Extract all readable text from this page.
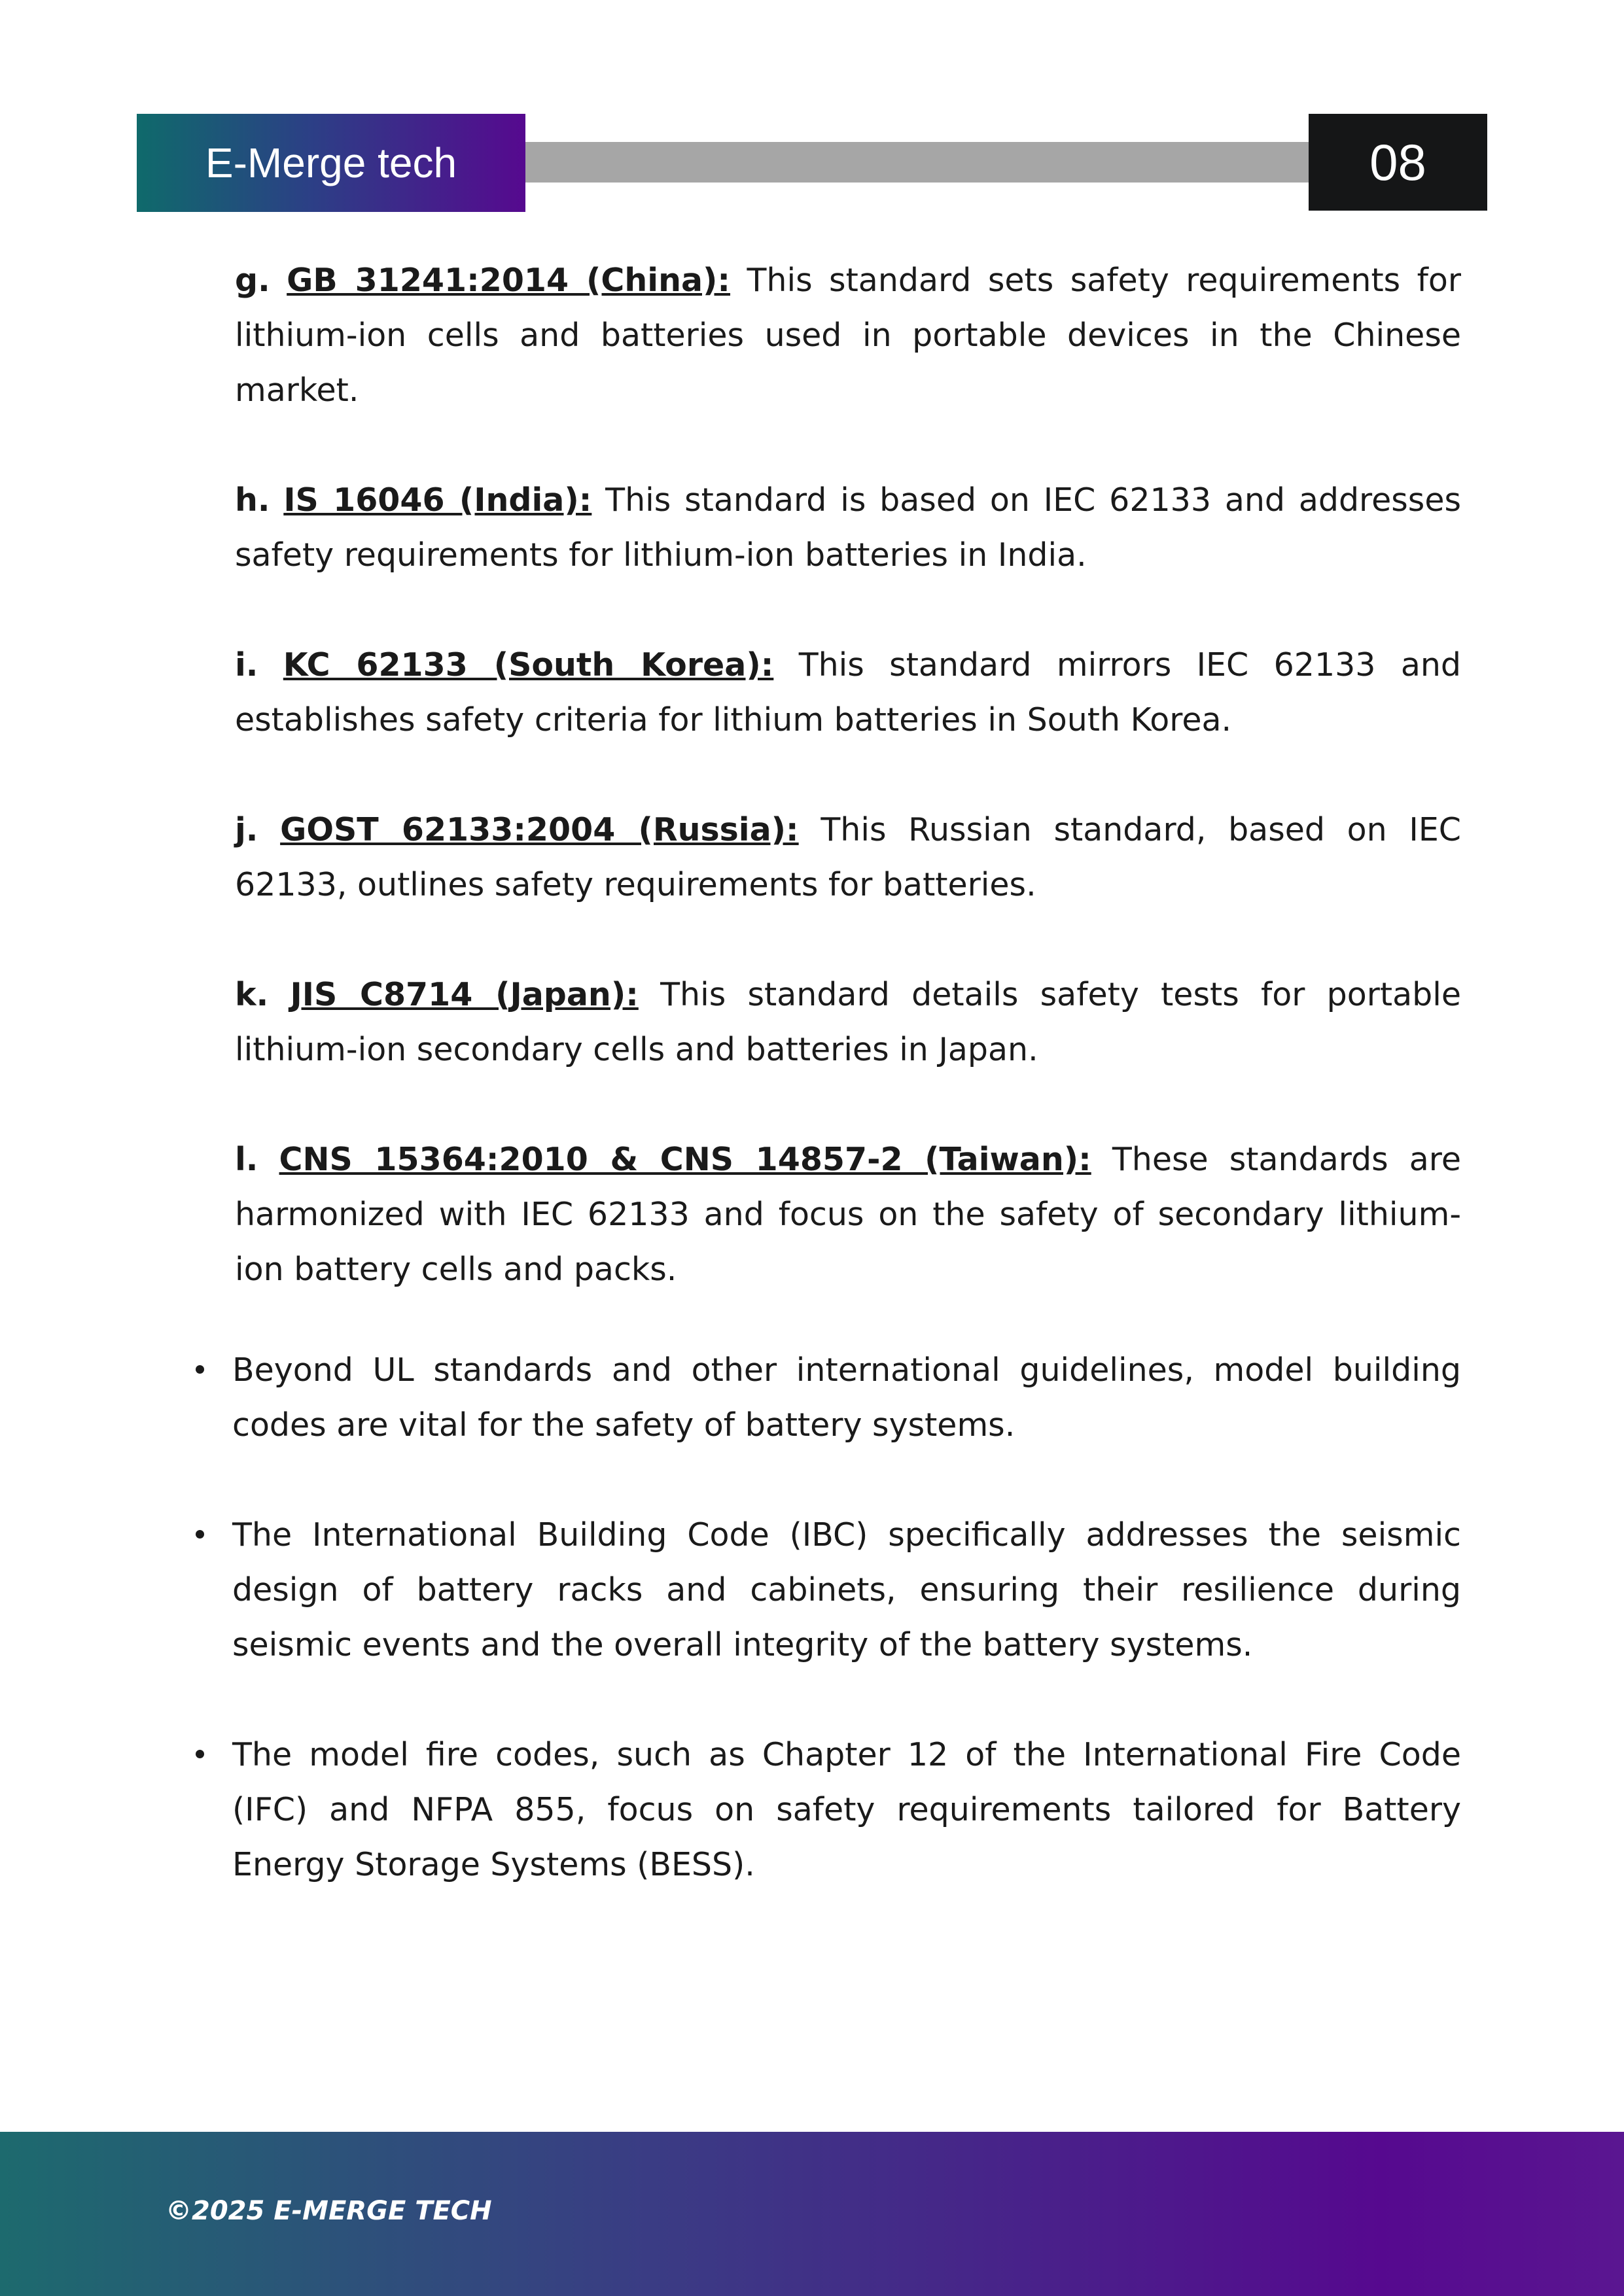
E-Merge tech	08

g. GB 31241:2014 (China): This standard sets safety requirements for lithium-ion cells and batteries used in portable devices in the Chinese market.

h. IS 16046 (India): This standard is based on IEC 62133 and addresses safety requirements for lithium-ion batteries in India.

i. KC 62133 (South Korea): This standard mirrors IEC 62133 and establishes safety criteria for lithium batteries in South Korea.

j. GOST 62133:2004 (Russia): This Russian standard, based on IEC 62133, outlines safety requirements for batteries.

k. JIS C8714 (Japan): This standard details safety tests for portable lithium-ion secondary cells and batteries in Japan.

l. CNS 15364:2010 & CNS 14857-2 (Taiwan): These standards are harmonized with IEC 62133 and focus on the safety of secondary lithium-ion battery cells and packs.

Beyond UL standards and other international guidelines, model building codes are vital for the safety of battery systems.
The International Building Code (IBC) specifically addresses the seismic design of battery racks and cabinets, ensuring their resilience during seismic events and the overall integrity of the battery systems.
The model fire codes, such as Chapter 12 of the International Fire Code (IFC) and NFPA 855, focus on safety requirements tailored for Battery Energy Storage Systems (BESS).
©2025 E-MERGE TECH
